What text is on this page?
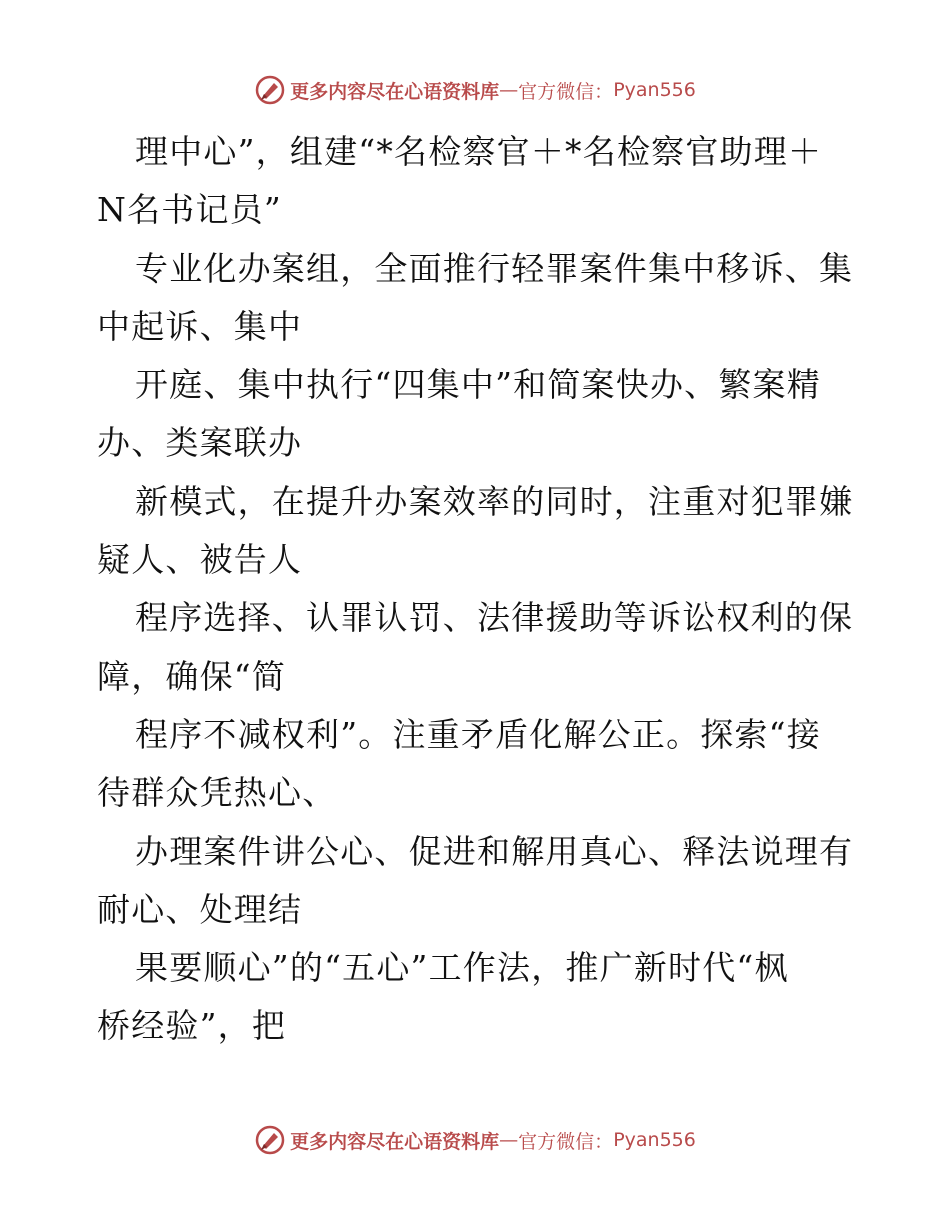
更多内容尽在心语资料库 — 官方微信： Pyan556
理中心”，组建“*名检察官＋*名检察官助理＋
N名书记员”
专业化办案组，全面推行轻罪案件集中移诉、集
中起诉、集中
开庭、集中执行“四集中”和简案快办、繁案精
办、类案联办
新模式，在提升办案效率的同时，注重对犯罪嫌
疑人、被告人
程序选择、认罪认罚、法律援助等诉讼权利的保
障，确保“简
程序不减权利”。注重矛盾化解公正。探索“接
待群众凭热心、
办理案件讲公心、促进和解用真心、释法说理有
耐心、处理结
果要顺心”的“五心”工作法，推广新时代“枫
桥经验”，把
更多内容尽在心语资料库 — 官方微信： Pyan556
